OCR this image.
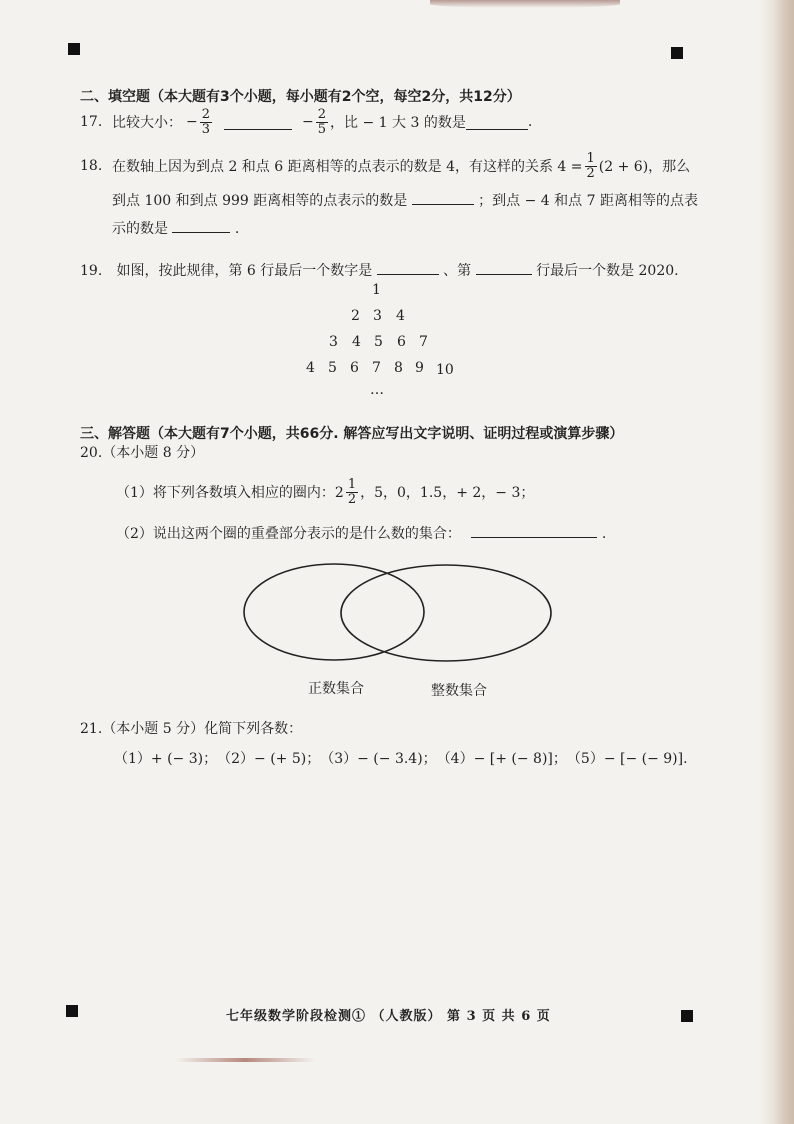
二、填空题（本大题有3个小题，每小题有2个空，每空2分，共12分）
17. 比较大小： − $\frac{2}{3}$	− $\frac{2}{5}$ ，比 − 1 大 3 的数是	.
18. 在数轴上因为到点 2 和点 6 距离相等的点表示的数是 4，有这样的关系 $4 = \frac{1}{2} (2 + 6)$，那么
到点 100 和到点 999 距离相等的点表示的数是	；到点 − 4 和点 7 距离相等的点表
示的数是	.
19. 如图，按此规律，第 6 行最后一个数字是	、第	行最后一个数是 2020.
1
2 3 4
3 4 5 6 7
4 5 6 7 8 9 10
…
三、解答题（本大题有7个小题，共66分. 解答应写出文字说明、证明过程或演算步骤）
20.（本小题 8 分）
（1）将下列各数填入相应的圈内：$2 \frac{1}{2}$ ，5，0，1.5，+ 2，− 3；
（2）说出这两个圈的重叠部分表示的是什么数的集合：	.
正数集合	整数集合
21.（本小题 5 分）化简下列各数：
（1）+ (− 3)； （2）− (+ 5)； （3）− (− 3.4)； （4）− [+ (− 8)]； （5）− [− (− 9)].
七年级数学阶段检测① （人教版） 第 3 页 共 6 页
